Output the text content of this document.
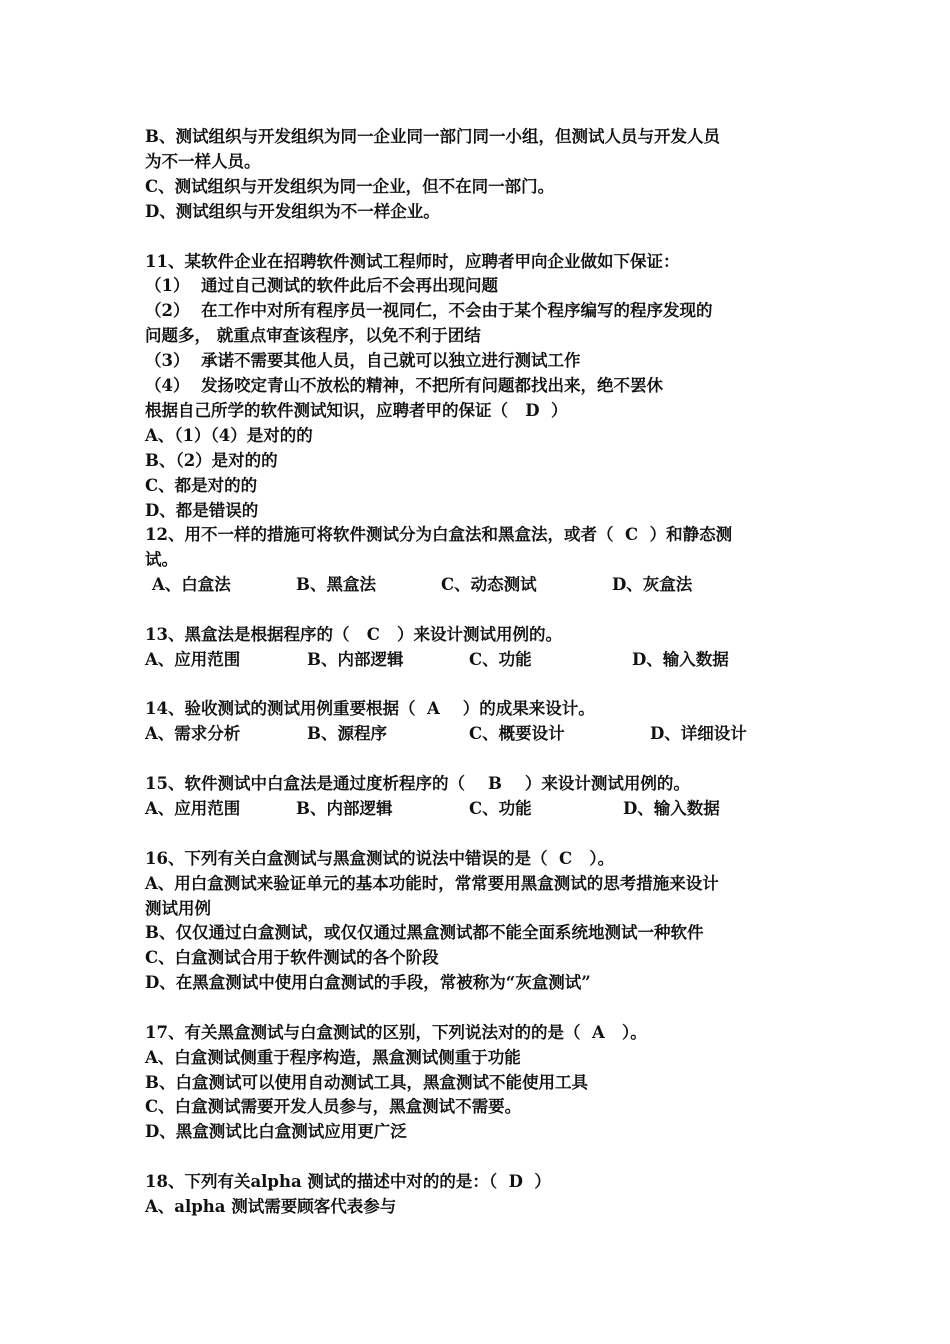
B、测试组织与开发组织为同一企业同一部门同一小组，但测试人员与开发人员
为不一样人员。
C、测试组织与开发组织为同一企业，但不在同一部门。
D、测试组织与开发组织为不一样企业。
11、某软件企业在招聘软件测试工程师时，应聘者甲向企业做如下保证：
（1）  通过自己测试的软件此后不会再出现问题
（2）  在工作中对所有程序员一视同仁，不会由于某个程序编写的程序发现的
问题多， 就重点审查该程序，以免不利于团结
（3）  承诺不需要其他人员，自己就可以独立进行测试工作
（4）  发扬咬定青山不放松的精神，不把所有问题都找出来，绝不罢休
根据自己所学的软件测试知识，应聘者甲的保证（   D  ）
A、（1）（4）是对的的
B、（2）是对的的
C、都是对的的
D、都是错误的
12、用不一样的措施可将软件测试分为白盒法和黑盒法，或者（  C  ）和静态测
试。
A、白盒法	B、黑盒法	C、动态测试	D、灰盒法
13、黑盒法是根据程序的（   C   ）来设计测试用例的。
A、应用范围	B、内部逻辑	C、功能	D、输入数据
14、验收测试的测试用例重要根据（  A    ）的成果来设计。
A、需求分析	B、源程序	C、概要设计	D、详细设计
15、软件测试中白盒法是通过度析程序的（    B    ）来设计测试用例的。
A、应用范围	B、内部逻辑	C、功能	D、输入数据
16、下列有关白盒测试与黑盒测试的说法中错误的是（  C   ）。
A、用白盒测试来验证单元的基本功能时，常常要用黑盒测试的思考措施来设计
测试用例
B、仅仅通过白盒测试，或仅仅通过黑盒测试都不能全面系统地测试一种软件
C、白盒测试合用于软件测试的各个阶段
D、在黑盒测试中使用白盒测试的手段，常被称为“灰盒测试”
17、有关黑盒测试与白盒测试的区别，下列说法对的的是（  A   ）。
A、白盒测试侧重于程序构造，黑盒测试侧重于功能
B、白盒测试可以使用自动测试工具，黑盒测试不能使用工具
C、白盒测试需要开发人员参与，黑盒测试不需要。
D、黑盒测试比白盒测试应用更广泛
18、下列有关alpha 测试的描述中对的的是：（  D  ）
A、alpha 测试需要顾客代表参与
